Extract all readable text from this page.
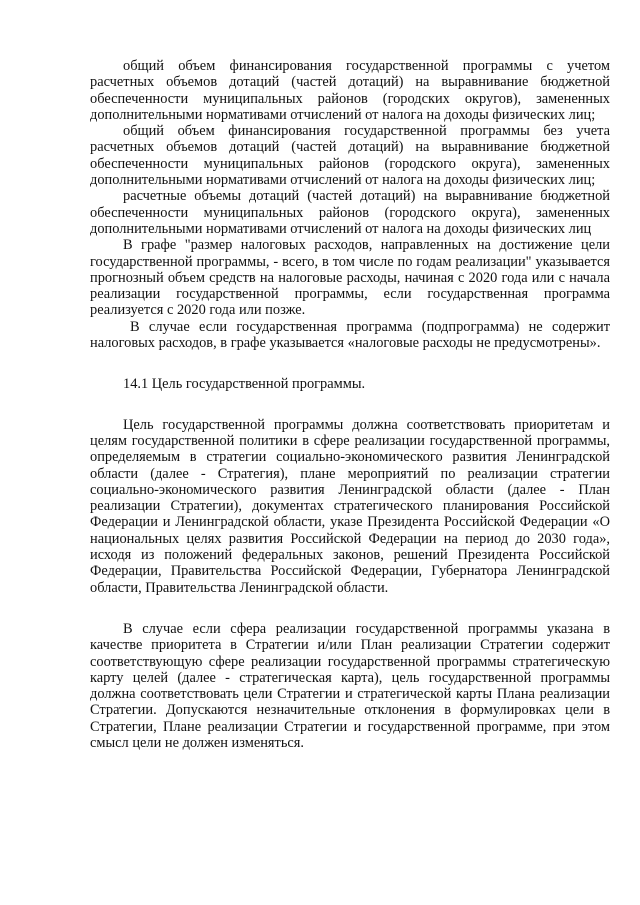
общий объем финансирования государственной программы с учетом расчетных объемов дотаций (частей дотаций) на выравнивание бюджетной обеспеченности муниципальных районов (городских округов), замененных дополнительными нормативами отчислений от налога на доходы физических лиц;

общий объем финансирования государственной программы без учета расчетных объемов дотаций (частей дотаций) на выравнивание бюджетной обеспеченности муниципальных районов (городского округа), замененных дополнительными нормативами отчислений от налога на доходы физических лиц;

расчетные объемы дотаций (частей дотаций) на выравнивание бюджетной обеспеченности муниципальных районов (городского округа), замененных дополнительными нормативами отчислений от налога на доходы физических лиц

В графе "размер налоговых расходов, направленных на достижение цели государственной программы, - всего, в том числе по годам реализации" указывается прогнозный объем средств на налоговые расходы, начиная с 2020 года или с начала реализации государственной программы, если государственная программа реализуется с 2020 года или позже.

В случае если государственная программа (подпрограмма) не содержит налоговых расходов, в графе указывается «налоговые расходы не предусмотрены».

14.1 Цель государственной программы.

Цель государственной программы должна соответствовать приоритетам и целям государственной политики в сфере реализации государственной программы, определяемым в стратегии социально-экономического развития Ленинградской области (далее - Стратегия), плане мероприятий по реализации стратегии социально-экономического развития Ленинградской области (далее - План реализации Стратегии), документах стратегического планирования Российской Федерации и Ленинградской области, указе Президента Российской Федерации «О национальных целях развития Российской Федерации на период до 2030 года», исходя из положений федеральных законов, решений Президента Российской Федерации, Правительства Российской Федерации, Губернатора Ленинградской области, Правительства Ленинградской области.

В случае если сфера реализации государственной программы указана в качестве приоритета в Стратегии и/или План реализации Стратегии содержит соответствующую сфере реализации государственной программы стратегическую карту целей (далее - стратегическая карта), цель государственной программы должна соответствовать цели Стратегии и стратегической карты Плана реализации Стратегии. Допускаются незначительные отклонения в формулировках цели в Стратегии, Плане реализации Стратегии и государственной программе, при этом смысл цели не должен изменяться.
